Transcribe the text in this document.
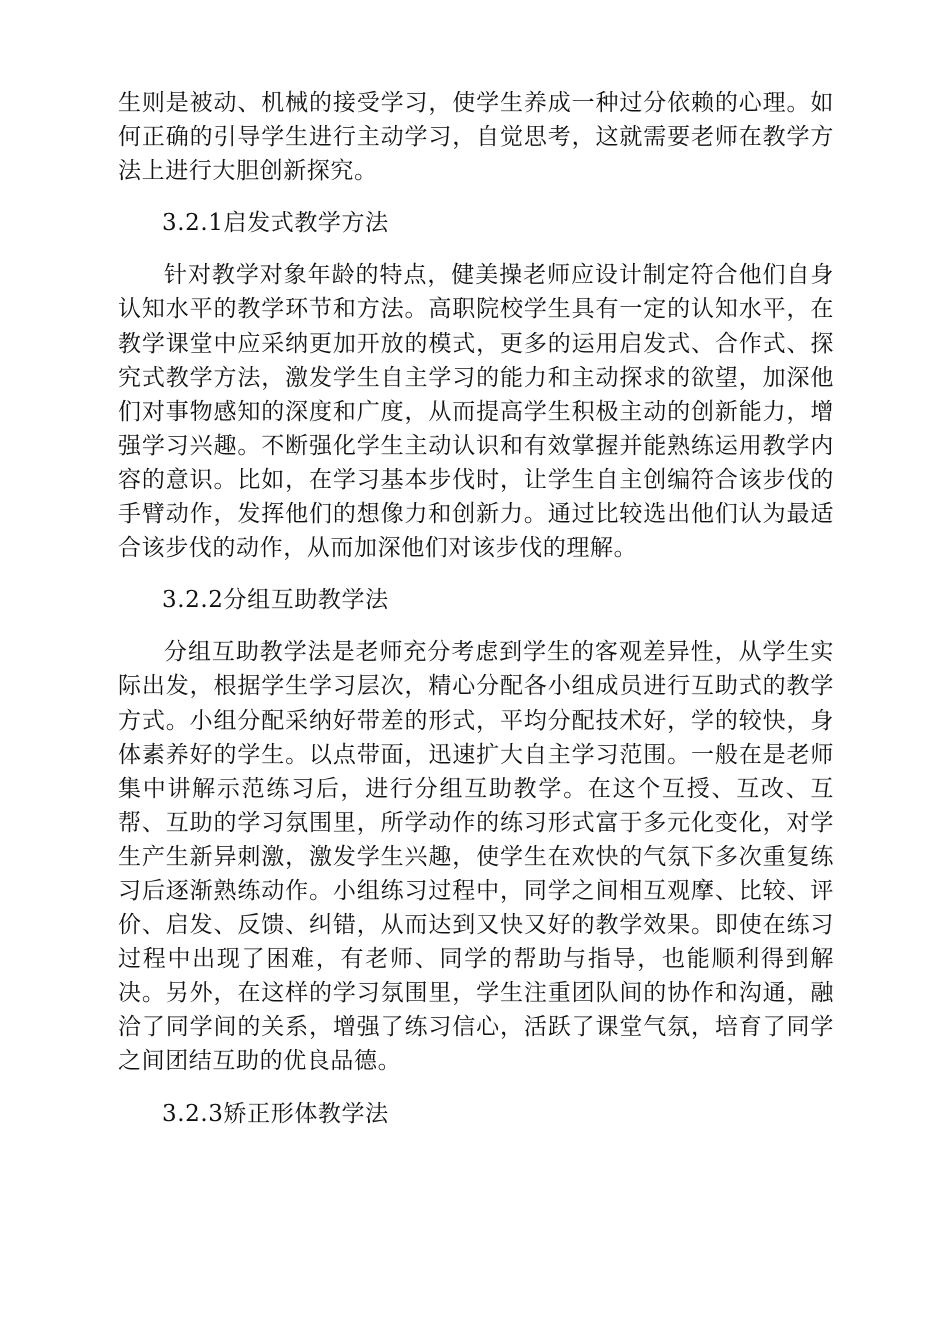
生则是被动、机械的接受学习，使学生养成一种过分依赖的心理。如何正确的引导学生进行主动学习，自觉思考，这就需要老师在教学方法上进行大胆创新探究。

3.2.1启发式教学方法

针对教学对象年龄的特点，健美操老师应设计制定符合他们自身认知水平的教学环节和方法。高职院校学生具有一定的认知水平，在教学课堂中应采纳更加开放的模式，更多的运用启发式、合作式、探究式教学方法，激发学生自主学习的能力和主动探求的欲望，加深他们对事物感知的深度和广度，从而提高学生积极主动的创新能力，增强学习兴趣。不断强化学生主动认识和有效掌握并能熟练运用教学内容的意识。比如，在学习基本步伐时，让学生自主创编符合该步伐的手臂动作，发挥他们的想像力和创新力。通过比较选出他们认为最适合该步伐的动作，从而加深他们对该步伐的理解。

3.2.2分组互助教学法

分组互助教学法是老师充分考虑到学生的客观差异性，从学生实际出发，根据学生学习层次，精心分配各小组成员进行互助式的教学方式。小组分配采纳好带差的形式，平均分配技术好，学的较快，身体素养好的学生。以点带面，迅速扩大自主学习范围。一般在是老师集中讲解示范练习后，进行分组互助教学。在这个互授、互改、互帮、互助的学习氛围里，所学动作的练习形式富于多元化变化，对学生产生新异刺激，激发学生兴趣，使学生在欢快的气氛下多次重复练习后逐渐熟练动作。小组练习过程中，同学之间相互观摩、比较、评价、启发、反馈、纠错，从而达到又快又好的教学效果。即使在练习过程中出现了困难，有老师、同学的帮助与指导，也能顺利得到解决。另外，在这样的学习氛围里，学生注重团队间的协作和沟通，融洽了同学间的关系，增强了练习信心，活跃了课堂气氛，培育了同学之间团结互助的优良品德。

3.2.3矫正形体教学法
